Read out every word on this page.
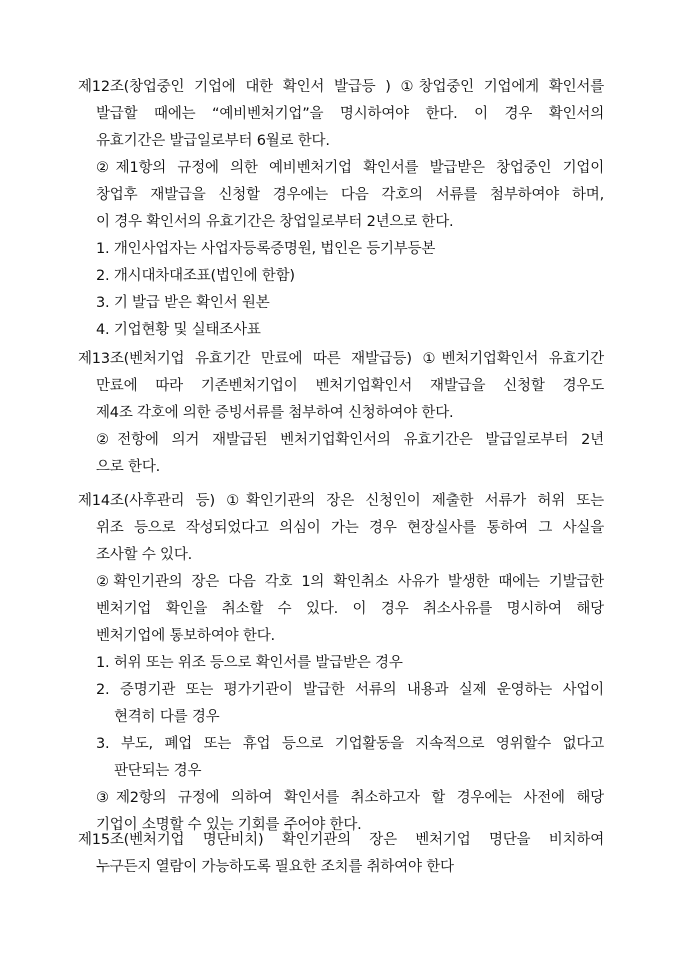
제12조(창업중인 기업에 대한 확인서 발급등 ) ①창업중인 기업에게 확인서를
발급할 때에는 “예비벤처기업”을 명시하여야 한다. 이 경우 확인서의
유효기간은 발급일로부터 6월로 한다.
②제1항의 규정에 의한 예비벤처기업 확인서를 발급받은 창업중인 기업이
창업후 재발급을 신청할 경우에는 다음 각호의 서류를 첨부하여야 하며,
이 경우 확인서의 유효기간은 창업일로부터 2년으로 한다.
1. 개인사업자는 사업자등록증명원, 법인은 등기부등본
2. 개시대차대조표(법인에 한함)
3. 기 발급 받은 확인서 원본
4. 기업현황 및 실태조사표
제13조(벤처기업 유효기간 만료에 따른 재발급등) ①벤처기업확인서 유효기간
만료에 따라 기존벤처기업이 벤처기업확인서 재발급을 신청할 경우도
제4조 각호에 의한 증빙서류를 첨부하여 신청하여야 한다.
②전항에 의거 재발급된 벤처기업확인서의 유효기간은 발급일로부터 2년
으로 한다.
제14조(사후관리 등) ①확인기관의 장은 신청인이 제출한 서류가 허위 또는
위조 등으로 작성되었다고 의심이 가는 경우 현장실사를 통하여 그 사실을
조사할 수 있다.
②확인기관의 장은 다음 각호 1의 확인취소 사유가 발생한 때에는 기발급한
벤처기업 확인을 취소할 수 있다. 이 경우 취소사유를 명시하여 해당
벤처기업에 통보하여야 한다.
1. 허위 또는 위조 등으로 확인서를 발급받은 경우
2. 증명기관 또는 평가기관이 발급한 서류의 내용과 실제 운영하는 사업이
현격히 다를 경우
3. 부도, 폐업 또는 휴업 등으로 기업활동을 지속적으로 영위할수 없다고
판단되는 경우
③제2항의 규정에 의하여 확인서를 취소하고자 할 경우에는 사전에 해당
기업이 소명할 수 있는 기회를 주어야 한다.
제15조(벤처기업 명단비치) 확인기관의 장은 벤처기업 명단을 비치하여
누구든지 열람이 가능하도록 필요한 조치를 취하여야 한다
